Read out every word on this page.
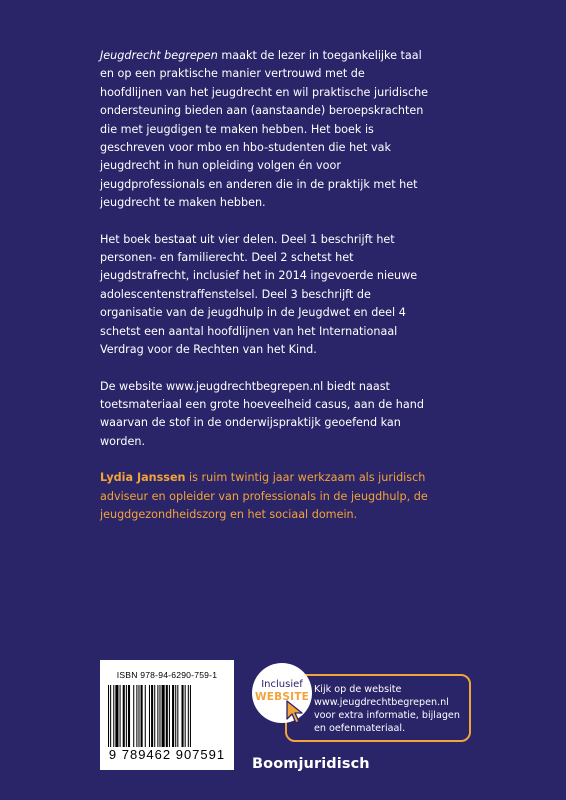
Jeugdrecht begrepen maakt de lezer in toegankelijke taal en op een praktische manier vertrouwd met de hoofdlijnen van het jeugdrecht en wil praktische juridische ondersteuning bieden aan (aanstaande) beroepskrachten die met jeugdigen te maken hebben. Het boek is geschreven voor mbo en hbo-studenten die het vak jeugdrecht in hun opleiding volgen én voor jeugdprofessionals en anderen die in de praktijk met het jeugdrecht te maken hebben.

Het boek bestaat uit vier delen. Deel 1 beschrijft het personen- en familierecht. Deel 2 schetst het jeugdstrafrecht, inclusief het in 2014 ingevoerde nieuwe adolescentenstraffenstelsel. Deel 3 beschrijft de organisatie van de jeugdhulp in de Jeugdwet en deel 4 schetst een aantal hoofdlijnen van het Internationaal Verdrag voor de Rechten van het Kind.

De website www.jeugdrechtbegrepen.nl biedt naast toetsmateriaal een grote hoeveelheid casus, aan de hand waarvan de stof in de onderwijspraktijk geoefend kan worden.

Lydia Janssen is ruim twintig jaar werkzaam als juridisch adviseur en opleider van professionals in de jeugdhulp, de jeugdgezondheidszorg en het sociaal domein.

ISBN 978-94-6290-759-1
9 789462 907591
Kijk op de website
www.jeugdrechtbegrepen.nl
voor extra informatie, bijlagen
en oefenmateriaal.
Inclusief
WEBSITE
Boomjuridisch
